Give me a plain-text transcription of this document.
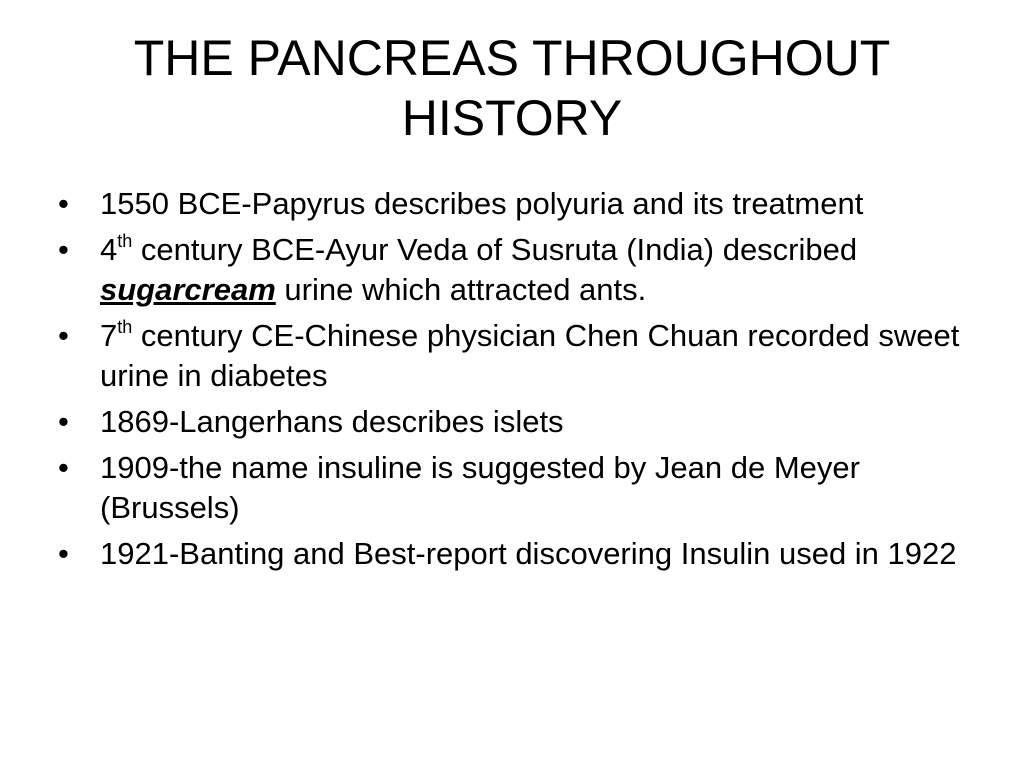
THE PANCREAS THROUGHOUT
HISTORY
•	1550 BCE-Papyrus describes polyuria and its treatment
•	4th century BCE-Ayur Veda of Susruta (India) described sugarcream urine which attracted ants.
•	7th century CE-Chinese physician Chen Chuan recorded sweet urine in diabetes
•	1869-Langerhans describes islets
•	1909-the name insuline is suggested by Jean de Meyer (Brussels)
•	1921-Banting and Best-report discovering Insulin used in 1922
